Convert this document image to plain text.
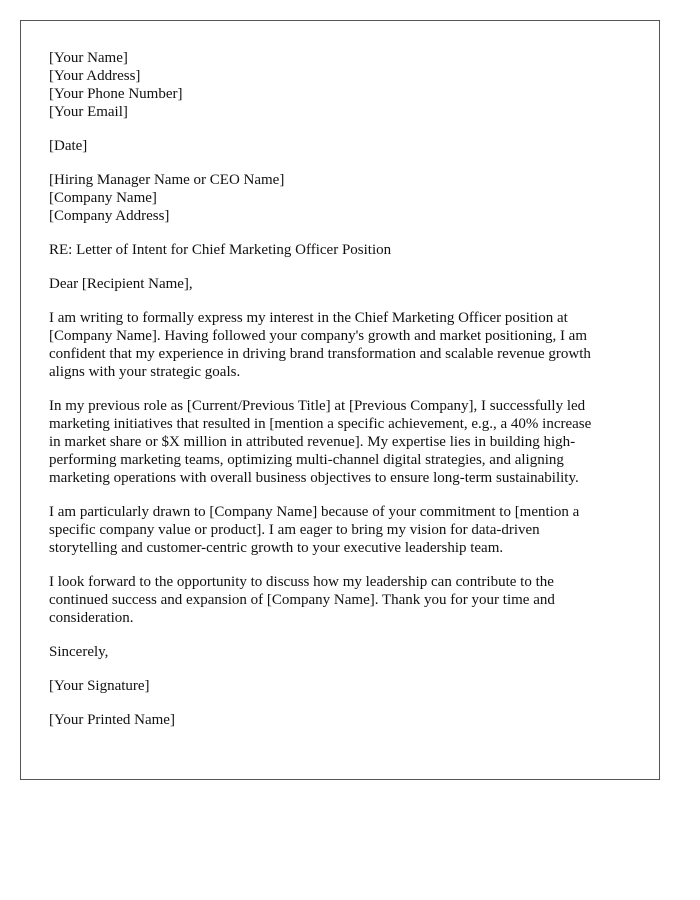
[Your Name]
[Your Address]
[Your Phone Number]
[Your Email]
[Date]
[Hiring Manager Name or CEO Name]
[Company Name]
[Company Address]
RE: Letter of Intent for Chief Marketing Officer Position
Dear [Recipient Name],

I am writing to formally express my interest in the Chief Marketing Officer position at
[Company Name]. Having followed your company's growth and market positioning, I am
confident that my experience in driving brand transformation and scalable revenue growth
aligns with your strategic goals.

In my previous role as [Current/Previous Title] at [Previous Company], I successfully led
marketing initiatives that resulted in [mention a specific achievement, e.g., a 40% increase
in market share or $X million in attributed revenue]. My expertise lies in building high-
performing marketing teams, optimizing multi-channel digital strategies, and aligning
marketing operations with overall business objectives to ensure long-term sustainability.

I am particularly drawn to [Company Name] because of your commitment to [mention a
specific company value or product]. I am eager to bring my vision for data-driven
storytelling and customer-centric growth to your executive leadership team.

I look forward to the opportunity to discuss how my leadership can contribute to the
continued success and expansion of [Company Name]. Thank you for your time and
consideration.

Sincerely,
[Your Signature]
[Your Printed Name]
